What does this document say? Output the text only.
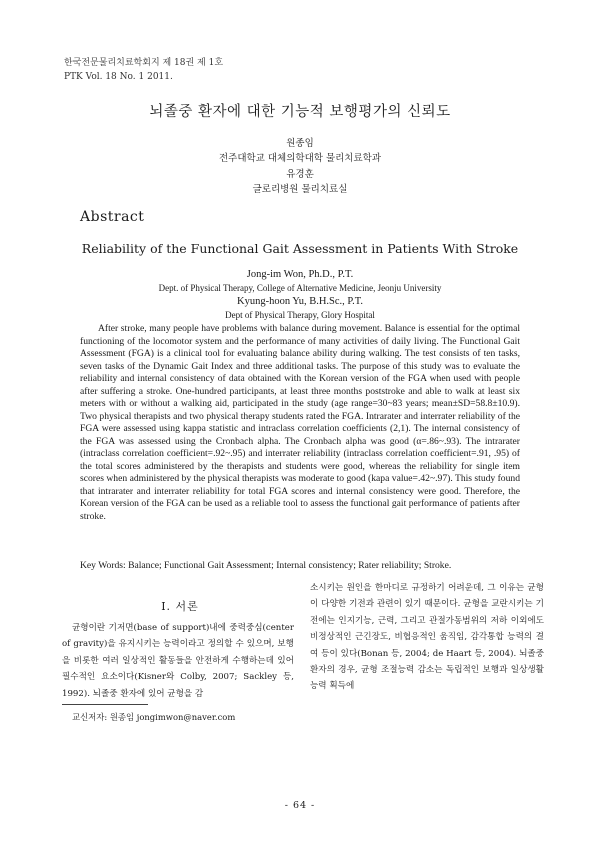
한국전문물리치료학회지 제 18권 제 1호
PTK Vol. 18 No. 1 2011.
뇌졸중 환자에 대한 기능적 보행평가의 신뢰도
원종임
전주대학교 대체의학대학 물리치료학과
유경훈
글로리병원 물리치료실
Abstract
Reliability of the Functional Gait Assessment in Patients With Stroke
Jong-im Won, Ph.D., P.T.
Dept. of Physical Therapy, College of Alternative Medicine, Jeonju University
Kyung-hoon Yu, B.H.Sc., P.T.
Dept of Physical Therapy, Glory Hospital

After stroke, many people have problems with balance during movement. Balance is essential for the optimal functioning of the locomotor system and the performance of many activities of daily living. The Functional Gait Assessment (FGA) is a clinical tool for evaluating balance ability during walking. The test consists of ten tasks, seven tasks of the Dynamic Gait Index and three additional tasks. The purpose of this study was to evaluate the reliability and internal consistency of data obtained with the Korean version of the FGA when used with people after suffering a stroke. One-hundred participants, at least three months poststroke and able to walk at least six meters with or without a walking aid, participated in the study (age range=30~83 years; mean±SD=58.8±10.9). Two physical therapists and two physical therapy students rated the FGA. Intrarater and interrater reliability of the FGA were assessed using kappa statistic and intraclass correlation coefficients (2,1). The internal consistency of the FGA was assessed using the Cronbach alpha. The Cronbach alpha was good (α=.86~.93). The intrarater (intraclass correlation coefficient=.92~.95) and interrater reliability (intraclass correlation coefficient=.91, .95) of the total scores administered by the therapists and students were good, whereas the reliability for single item scores when administered by the physical therapists was moderate to good (kapa value=.42~.97). This study found that intrarater and interrater reliability for total FGA scores and internal consistency were good. Therefore, the Korean version of the FGA can be used as a reliable tool to assess the functional gait performance of patients after stroke.

Key Words: Balance; Functional Gait Assessment; Internal consistency; Rater reliability; Stroke.
Ⅰ. 서론

균형이란 기저면(base of support)내에 중력중심(center of gravity)을 유지시키는 능력이라고 정의할 수 있으며, 보행을 비롯한 여러 일상적인 활동들을 안전하게 수행하는데 있어 필수적인 요소이다(Kisner와 Colby, 2007; Sackley 등, 1992). 뇌졸중 환자에 있어 균형을 감

소시키는 원인을 한마디로 규정하기 어려운데, 그 이유는 균형이 다양한 기전과 관련이 있기 때문이다. 균형을 교란시키는 기전에는 인지기능, 근력, 그리고 관절가동범위의 저하 이외에도 비정상적인 근긴장도, 비협응적인 움직임, 감각통합 능력의 결여 등이 있다(Bonan 등, 2004; de Haart 등, 2004). 뇌졸중 환자의 경우, 균형 조절능력 감소는 독립적인 보행과 일상생활능력 획득에

교신저자: 원종임 jongimwon@naver.com
- 64 -
